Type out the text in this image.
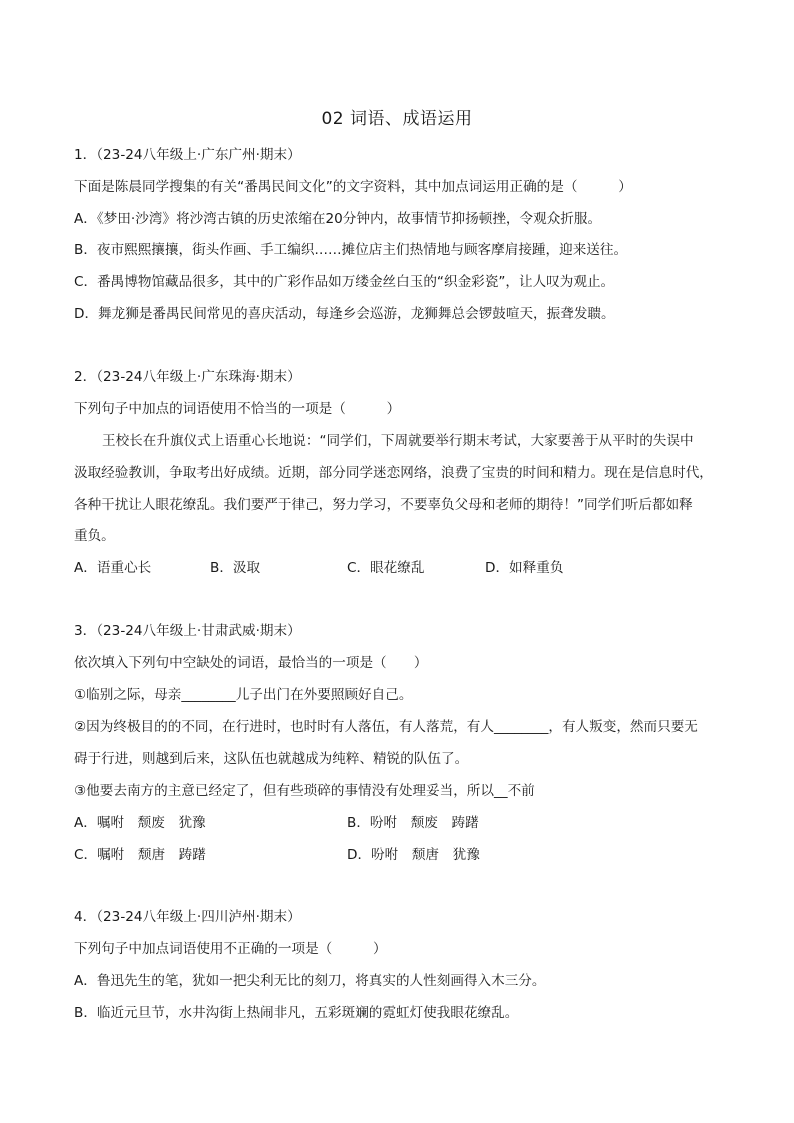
02 词语、成语运用
1．（23-24八年级上·广东广州·期末）
下面是陈晨同学搜集的有关“番禺民间文化”的文字资料，其中加点词运用正确的是（　　　）
A．《梦田·沙湾》将沙湾古镇的历史浓缩在20分钟内，故事情节抑扬顿挫，令观众折服。
B．夜市熙熙攘攘，街头作画、手工编织……摊位店主们热情地与顾客摩肩接踵，迎来送往。
C．番禺博物馆藏品很多，其中的广彩作品如万缕金丝白玉的“织金彩瓷”，让人叹为观止。
D．舞龙狮是番禺民间常见的喜庆活动，每逢乡会巡游，龙狮舞总会锣鼓喧天，振聋发聩。
2．（23-24八年级上·广东珠海·期末）
下列句子中加点的词语使用不恰当的一项是（　　　）
王校长在升旗仪式上语重心长地说：“同学们，下周就要举行期末考试，大家要善于从平时的失误中
汲取经验教训，争取考出好成绩。近期，部分同学迷恋网络，浪费了宝贵的时间和精力。现在是信息时代，
各种干扰让人眼花缭乱。我们要严于律己，努力学习，不要辜负父母和老师的期待！”同学们听后都如释
重负。
A．语重心长	B．汲取	C．眼花缭乱	D．如释重负
3．（23-24八年级上·甘肃武威·期末）
依次填入下列句中空缺处的词语，最恰当的一项是（　　）
①临别之际，母亲________儿子出门在外要照顾好自己。
②因为终极目的的不同，在行进时，也时时有人落伍，有人落荒，有人________，有人叛变，然而只要无
碍于行进，则越到后来，这队伍也就越成为纯粹、精锐的队伍了。
③他要去南方的主意已经定了，但有些琐碎的事情没有处理妥当，所以__不前
A．嘱咐　颓废　犹豫	B．吩咐　颓废　踌躇
C．嘱咐　颓唐　踌躇	D．吩咐　颓唐　犹豫
4．（23-24八年级上·四川泸州·期末）
下列句子中加点词语使用不正确的一项是（　　　）
A．鲁迅先生的笔，犹如一把尖利无比的刻刀，将真实的人性刻画得入木三分。
B．临近元旦节，水井沟街上热闹非凡，五彩斑斓的霓虹灯使我眼花缭乱。
